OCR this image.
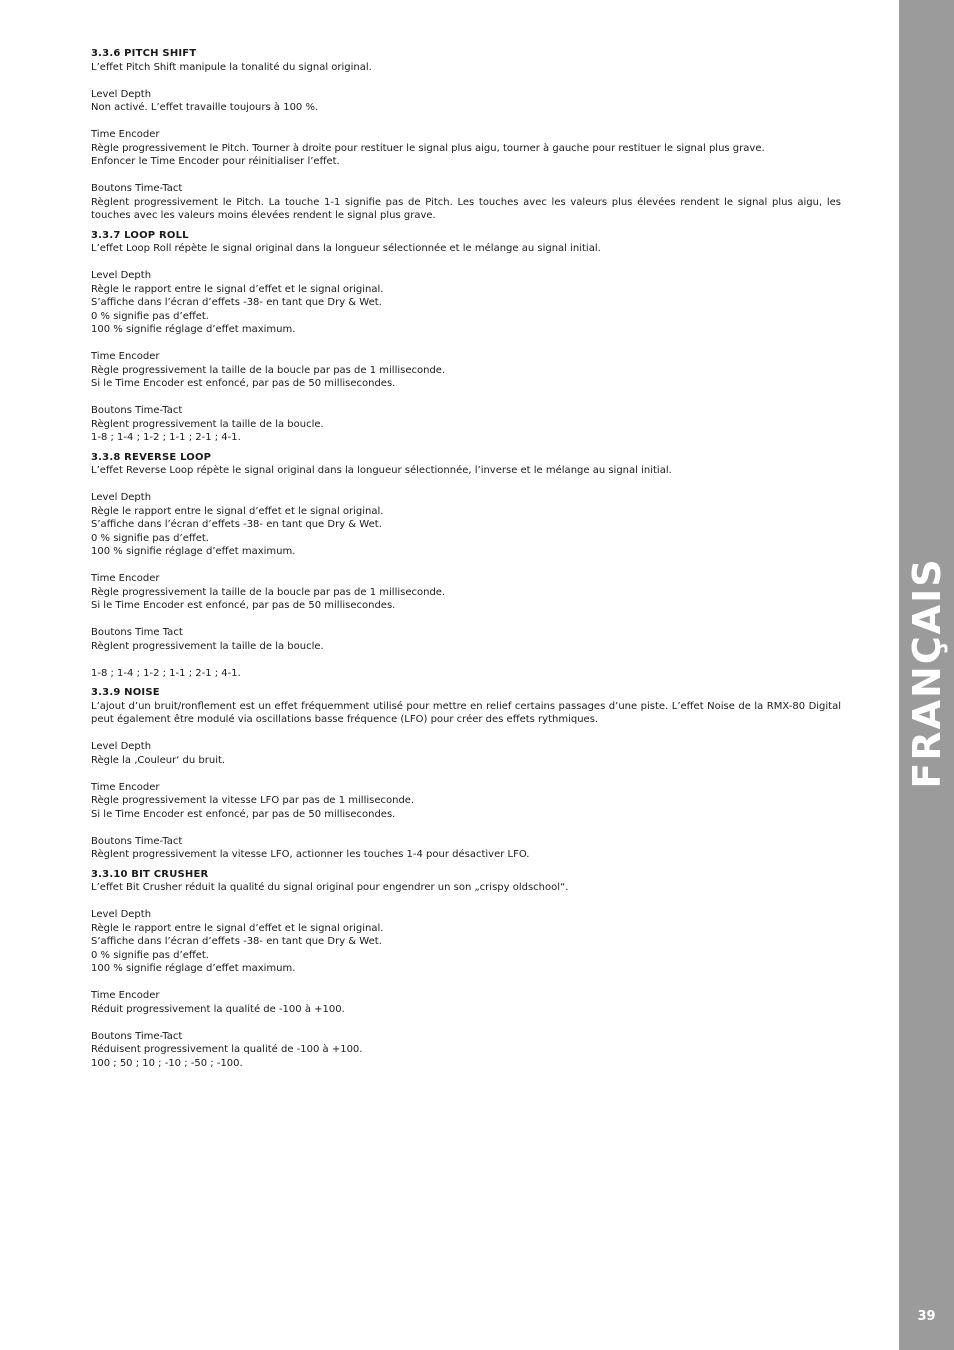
3.3.6 PITCH SHIFT
L’effet Pitch Shift manipule la tonalité du signal original.
Level Depth
Non activé. L’effet travaille toujours à 100 %.
Time Encoder
Règle progressivement le Pitch. Tourner à droite pour restituer le signal plus aigu, tourner à gauche pour restituer le signal plus grave.
Enfoncer le Time Encoder pour réinitialiser l’effet.
Boutons Time-Tact
Règlent progressivement le Pitch. La touche 1-1 signifie pas de Pitch. Les touches avec les valeurs plus élevées rendent le signal plus aigu, les touches avec les valeurs moins élevées rendent le signal plus grave.
3.3.7 LOOP ROLL
L’effet Loop Roll répète le signal original dans la longueur sélectionnée et le mélange au signal initial.
Level Depth
Règle le rapport entre le signal d’effet et le signal original.
S’affiche dans l’écran d’effets -38- en tant que Dry & Wet.
0 % signifie pas d’effet.
100 % signifie réglage d’effet maximum.
Time Encoder
Règle progressivement la taille de la boucle par pas de 1 milliseconde.
Si le Time Encoder est enfoncé, par pas de 50 millisecondes.
Boutons Time-Tact
Règlent progressivement la taille de la boucle.
1-8 ; 1-4 ; 1-2 ; 1-1 ; 2-1 ; 4-1.
3.3.8 REVERSE LOOP
L’effet Reverse Loop répète le signal original dans la longueur sélectionnée, l’inverse et le mélange au signal initial.
Level Depth
Règle le rapport entre le signal d’effet et le signal original.
S’affiche dans l’écran d’effets -38- en tant que Dry & Wet.
0 % signifie pas d’effet.
100 % signifie réglage d’effet maximum.
Time Encoder
Règle progressivement la taille de la boucle par pas de 1 milliseconde.
Si le Time Encoder est enfoncé, par pas de 50 millisecondes.
Boutons Time Tact
Règlent progressivement la taille de la boucle.
1-8 ; 1-4 ; 1-2 ; 1-1 ; 2-1 ; 4-1.
3.3.9 NOISE
L’ajout d’un bruit/ronflement est un effet fréquemment utilisé pour mettre en relief certains passages d’une piste. L’effet Noise de la RMX-80 Digital peut également être modulé via oscillations basse fréquence (LFO) pour créer des effets rythmiques.
Level Depth
Règle la ‚Couleur‘ du bruit.
Time Encoder
Règle progressivement la vitesse LFO par pas de 1 milliseconde.
Si le Time Encoder est enfoncé, par pas de 50 millisecondes.
Boutons Time-Tact
Règlent progressivement la vitesse LFO, actionner les touches 1-4 pour désactiver LFO.
3.3.10 BIT CRUSHER
L’effet Bit Crusher réduit la qualité du signal original pour engendrer un son „crispy oldschool“.
Level Depth
Règle le rapport entre le signal d’effet et le signal original.
S’affiche dans l’écran d’effets -38- en tant que Dry & Wet.
0 % signifie pas d’effet.
100 % signifie réglage d’effet maximum.
Time Encoder
Réduit progressivement la qualité de -100 à +100.
Boutons Time-Tact
Réduisent progressivement la qualité de -100 à +100.
100 ; 50 ; 10 ; -10 ; -50 ; -100.
FRANÇAIS
39
